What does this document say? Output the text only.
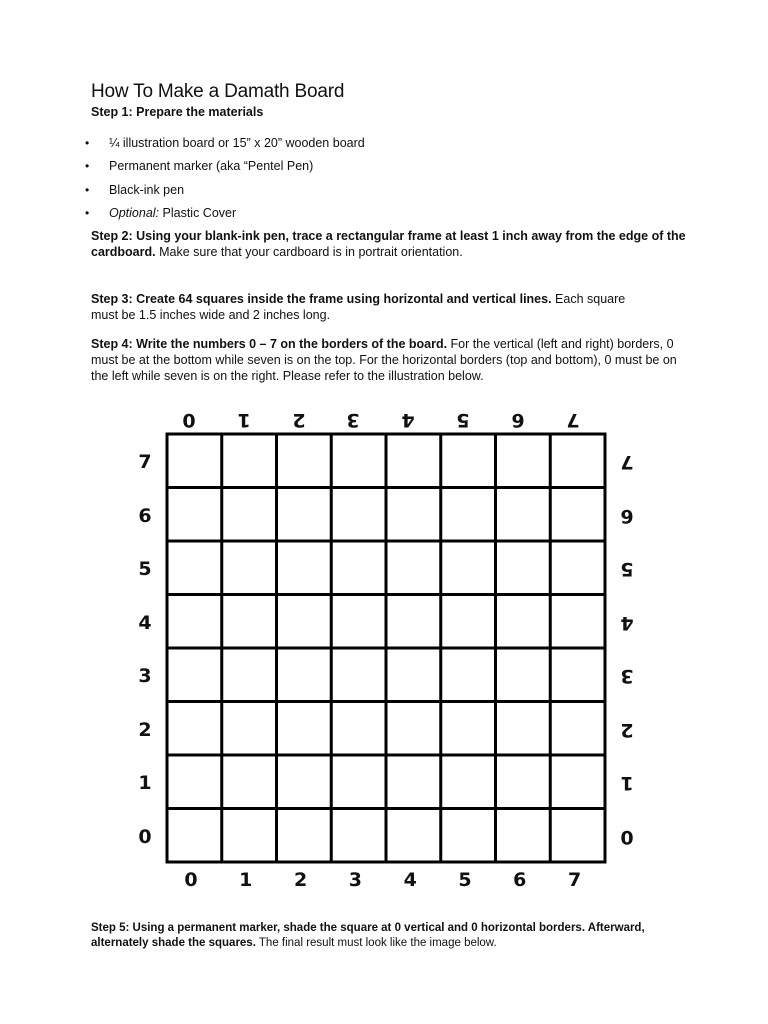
How To Make a Damath Board
Step 1: Prepare the materials
• ¼ illustration board or 15” x 20” wooden board
• Permanent marker (aka “Pentel Pen)
• Black-ink pen
• Optional: Plastic Cover

Step 2: Using your blank-ink pen, trace a rectangular frame at least 1 inch away from the edge of the cardboard. Make sure that your cardboard is in portrait orientation.

Step 3: Create 64 squares inside the frame using horizontal and vertical lines. Each square must be 1.5 inches wide and 2 inches long.

Step 4: Write the numbers 0 – 7 on the borders of the board. For the vertical (left and right) borders, 0 must be at the bottom while seven is on the top. For the horizontal borders (top and bottom), 0 must be on the left while seven is on the right. Please refer to the illustration below.

0 1 2 3 4 5 6 7
0 1 2 3 4 5 6 7
7
6
5
4
3
2
1
0
7
6
5
4
3
2
1
0

Step 5: Using a permanent marker, shade the square at 0 vertical and 0 horizontal borders. Afterward, alternately shade the squares. The final result must look like the image below.
